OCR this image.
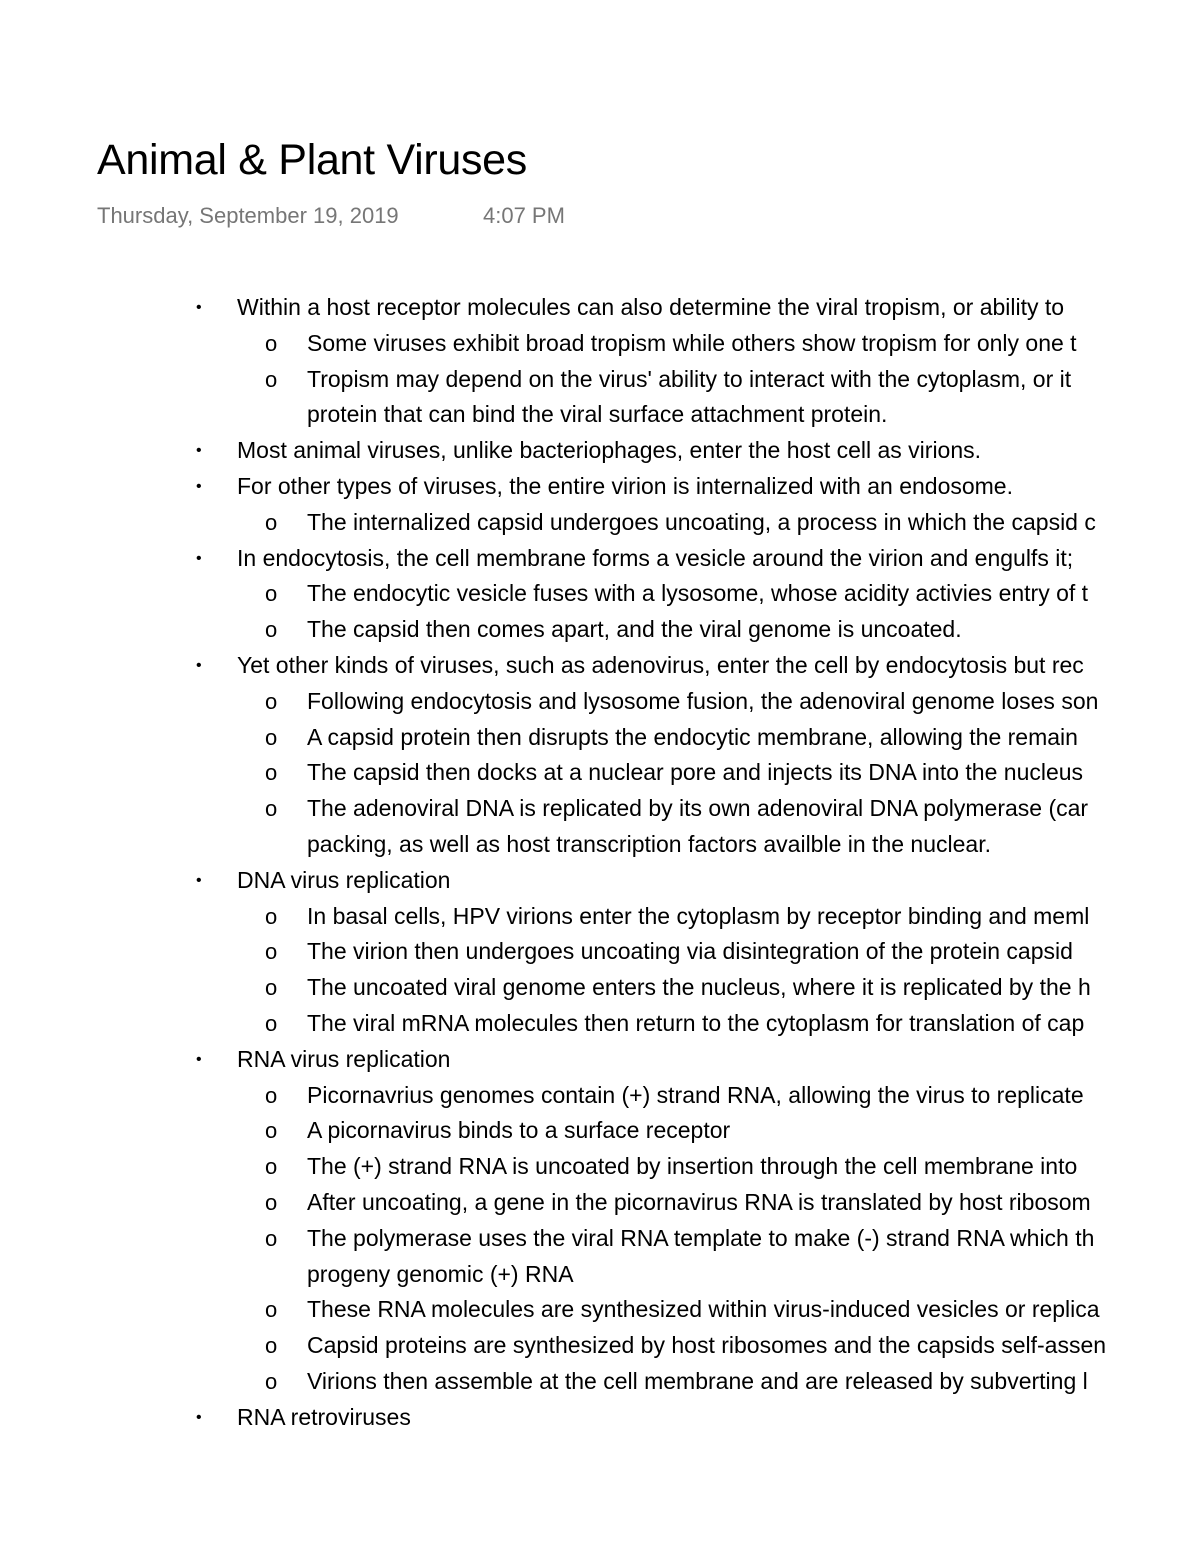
Animal & Plant Viruses
Thursday, September 19, 2019	4:07 PM
• Within a host receptor molecules can also determine the viral tropism, or ability to
o Some viruses exhibit broad tropism while others show tropism for only one t
o Tropism may depend on the virus' ability to interact with the cytoplasm, or it
protein that can bind the viral surface attachment protein.
• Most animal viruses, unlike bacteriophages, enter the host cell as virions.
• For other types of viruses, the entire virion is internalized with an endosome.
o The internalized capsid undergoes uncoating, a process in which the capsid c
• In endocytosis, the cell membrane forms a vesicle around the virion and engulfs it;
o The endocytic vesicle fuses with a lysosome, whose acidity activies entry of t
o The capsid then comes apart, and the viral genome is uncoated.
• Yet other kinds of viruses, such as adenovirus, enter the cell by endocytosis but rec
o Following endocytosis and lysosome fusion, the adenoviral genome loses son
o A capsid protein then disrupts the endocytic membrane, allowing the remain
o The capsid then docks at a nuclear pore and injects its DNA into the nucleus
o The adenoviral DNA is replicated by its own adenoviral DNA polymerase (car
packing, as well as host transcription factors availble in the nuclear.
• DNA virus replication
o In basal cells, HPV virions enter the cytoplasm by receptor binding and meml
o The virion then undergoes uncoating via disintegration of the protein capsid
o The uncoated viral genome enters the nucleus, where it is replicated by the h
o The viral mRNA molecules then return to the cytoplasm for translation of cap
• RNA virus replication
o Picornavrius genomes contain (+) strand RNA, allowing the virus to replicate
o A picornavirus binds to a surface receptor
o The (+) strand RNA is uncoated by insertion through the cell membrane into
o After uncoating, a gene in the picornavirus RNA is translated by host ribosom
o The polymerase uses the viral RNA template to make (-) strand RNA which th
progeny genomic (+) RNA
o These RNA molecules are synthesized within virus-induced vesicles or replica
o Capsid proteins are synthesized by host ribosomes and the capsids self-assen
o Virions then assemble at the cell membrane and are released by subverting l
• RNA retroviruses
